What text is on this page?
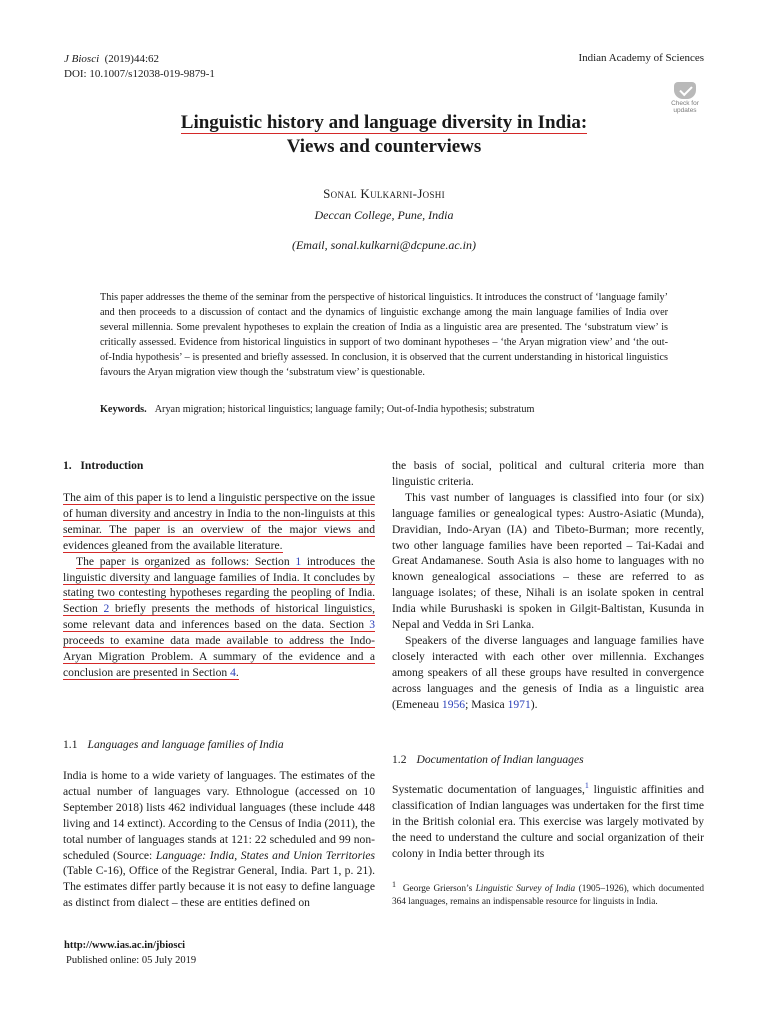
J Biosci (2019)44:62
DOI: 10.1007/s12038-019-9879-1
Indian Academy of Sciences
Check for
updates
Linguistic history and language diversity in India:
Views and counterviews
Sonal Kulkarni-Joshi
Deccan College, Pune, India
(Email, sonal.kulkarni@dcpune.ac.in)
This paper addresses the theme of the seminar from the perspective of historical linguistics. It introduces the construct of ‘language family’ and then proceeds to a discussion of contact and the dynamics of linguistic exchange among the main language families of India over several millennia. Some prevalent hypotheses to explain the creation of India as a linguistic area are presented. The ‘substratum view’ is critically assessed. Evidence from historical linguistics in support of two dominant hypotheses – ‘the Aryan migration view’ and ‘the out-of-India hypothesis’ – is presented and briefly assessed. In conclusion, it is observed that the current understanding in historical linguistics favours the Aryan migration view though the ‘substratum view’ is questionable.
Keywords. Aryan migration; historical linguistics; language family; Out-of-India hypothesis; substratum
1.  Introduction

The aim of this paper is to lend a linguistic perspective on the issue of human diversity and ancestry in India to the non-linguists at this seminar. The paper is an overview of the major views and evidences gleaned from the available literature.

The paper is organized as follows: Section 1 introduces the linguistic diversity and language families of India. It concludes by stating two contesting hypotheses regarding the peopling of India. Section 2 briefly presents the methods of historical linguistics, some relevant data and inferences based on the data. Section 3 proceeds to examine data made available to address the Indo-Aryan Migration Problem. A summary of the evidence and a conclusion are presented in Section 4.

1.1 Languages and language families of India

India is home to a wide variety of languages. The estimates of the actual number of languages vary. Ethnologue (accessed on 10 September 2018) lists 462 individual languages (these include 448 living and 14 extinct). According to the Census of India (2011), the total number of languages stands at 121: 22 scheduled and 99 non-scheduled (Source: Language: India, States and Union Territories (Table C-16), Office of the Registrar General, India. Part 1, p. 21). The estimates differ partly because it is not easy to define language as distinct from dialect – these are entities defined on

the basis of social, political and cultural criteria more than linguistic criteria.

This vast number of languages is classified into four (or six) language families or genealogical types: Austro-Asiatic (Munda), Dravidian, Indo-Aryan (IA) and Tibeto-Burman; more recently, two other language families have been reported – Tai-Kadai and Great Andamanese. South Asia is also home to languages with no known genealogical associations – these are referred to as language isolates; of these, Nihali is an isolate spoken in central India while Burushaski is spoken in Gilgit-Baltistan, Kusunda in Nepal and Vedda in Sri Lanka.

Speakers of the diverse languages and language families have closely interacted with each other over millennia. Exchanges among speakers of all these groups have resulted in convergence across languages and the genesis of India as a linguistic area (Emeneau 1956; Masica 1971).

1.2 Documentation of Indian languages

Systematic documentation of languages,$^1$ linguistic affinities and classification of Indian languages was undertaken for the first time in the British colonial era. This exercise was largely motivated by the need to understand the culture and social organization of their colony in India better through its

$^1$ George Grierson’s Linguistic Survey of India (1905–1926), which documented 364 languages, remains an indispensable resource for linguists in India.
http://www.ias.ac.in/jbiosci
Published online: 05 July 2019
